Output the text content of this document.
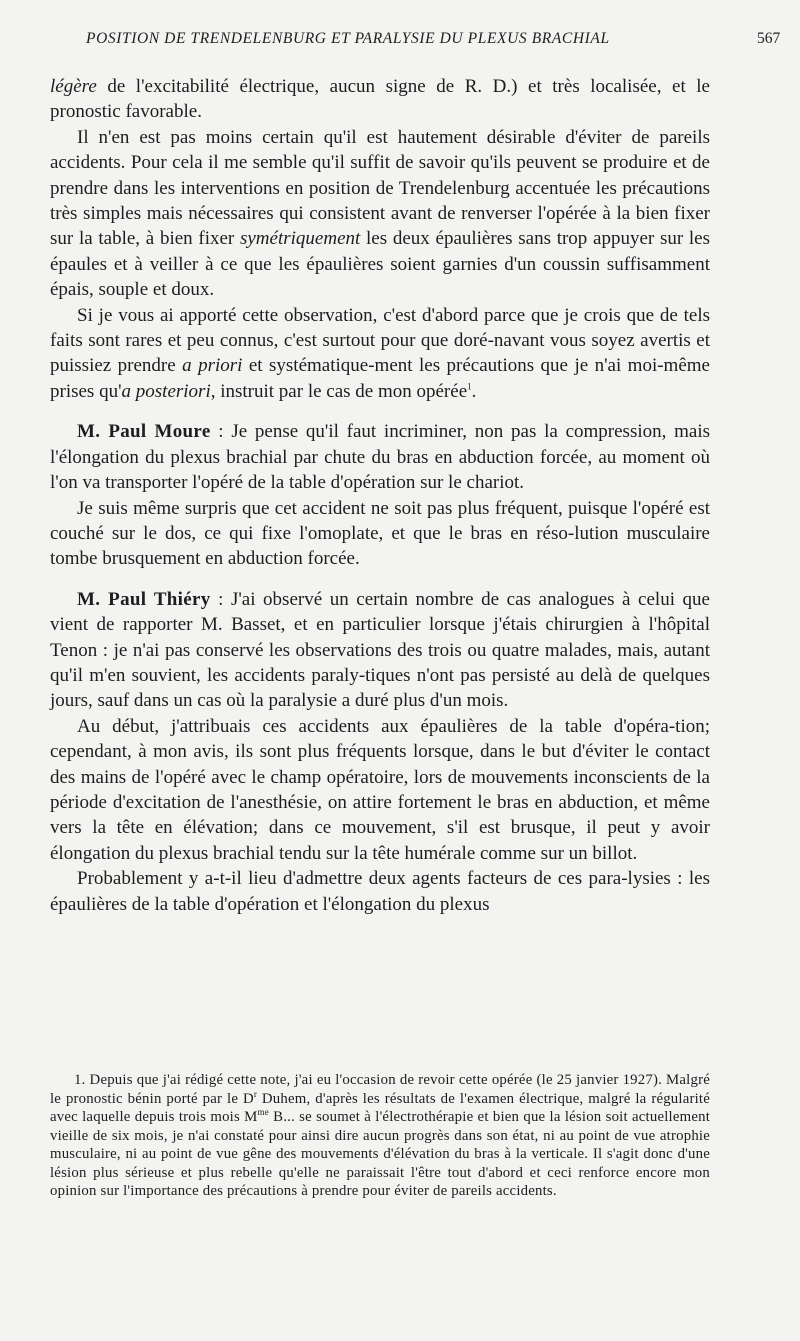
POSITION DE TRENDELENBURG ET PARALYSIE DU PLEXUS BRACHIAL	567

légère de l'excitabilité électrique, aucun signe de R. D.) et très localisée, et le pronostic favorable.

Il n'en est pas moins certain qu'il est hautement désirable d'éviter de pareils accidents. Pour cela il me semble qu'il suffit de savoir qu'ils peuvent se produire et de prendre dans les interventions en position de Trendelenburg accentuée les précautions très simples mais nécessaires qui consistent avant de renverser l'opérée à la bien fixer sur la table, à bien fixer symétriquement les deux épaulières sans trop appuyer sur les épaules et à veiller à ce que les épaulières soient garnies d'un coussin suffisamment épais, souple et doux.

Si je vous ai apporté cette observation, c'est d'abord parce que je crois que de tels faits sont rares et peu connus, c'est surtout pour que doré-navant vous soyez avertis et puissiez prendre a priori et systématique-ment les précautions que je n'ai moi-même prises qu'a posteriori, instruit par le cas de mon opérée$^1$.

M. Paul Moure : Je pense qu'il faut incriminer, non pas la compression, mais l'élongation du plexus brachial par chute du bras en abduction forcée, au moment où l'on va transporter l'opéré de la table d'opération sur le chariot.

Je suis même surpris que cet accident ne soit pas plus fréquent, puisque l'opéré est couché sur le dos, ce qui fixe l'omoplate, et que le bras en réso-lution musculaire tombe brusquement en abduction forcée.

M. Paul Thiéry : J'ai observé un certain nombre de cas analogues à celui que vient de rapporter M. Basset, et en particulier lorsque j'étais chirurgien à l'hôpital Tenon : je n'ai pas conservé les observations des trois ou quatre malades, mais, autant qu'il m'en souvient, les accidents paraly-tiques n'ont pas persisté au delà de quelques jours, sauf dans un cas où la paralysie a duré plus d'un mois.

Au début, j'attribuais ces accidents aux épaulières de la table d'opéra-tion; cependant, à mon avis, ils sont plus fréquents lorsque, dans le but d'éviter le contact des mains de l'opéré avec le champ opératoire, lors de mouvements inconscients de la période d'excitation de l'anesthésie, on attire fortement le bras en abduction, et même vers la tête en élévation; dans ce mouvement, s'il est brusque, il peut y avoir élongation du plexus brachial tendu sur la tête humérale comme sur un billot.

Probablement y a-t-il lieu d'admettre deux agents facteurs de ces para-lysies : les épaulières de la table d'opération et l'élongation du plexus

1. Depuis que j'ai rédigé cette note, j'ai eu l'occasion de revoir cette opérée (le 25 janvier 1927). Malgré le pronostic bénin porté par le $D^r$ Duhem, d'après les résultats de l'examen électrique, malgré la régularité avec laquelle depuis trois mois $M^{me}$ B... se soumet à l'électrothérapie et bien que la lésion soit actuellement vieille de six mois, je n'ai constaté pour ainsi dire aucun progrès dans son état, ni au point de vue atrophie musculaire, ni au point de vue gêne des mouvements d'élévation du bras à la verticale. Il s'agit donc d'une lésion plus sérieuse et plus rebelle qu'elle ne paraissait l'être tout d'abord et ceci renforce encore mon opinion sur l'importance des précautions à prendre pour éviter de pareils accidents.
